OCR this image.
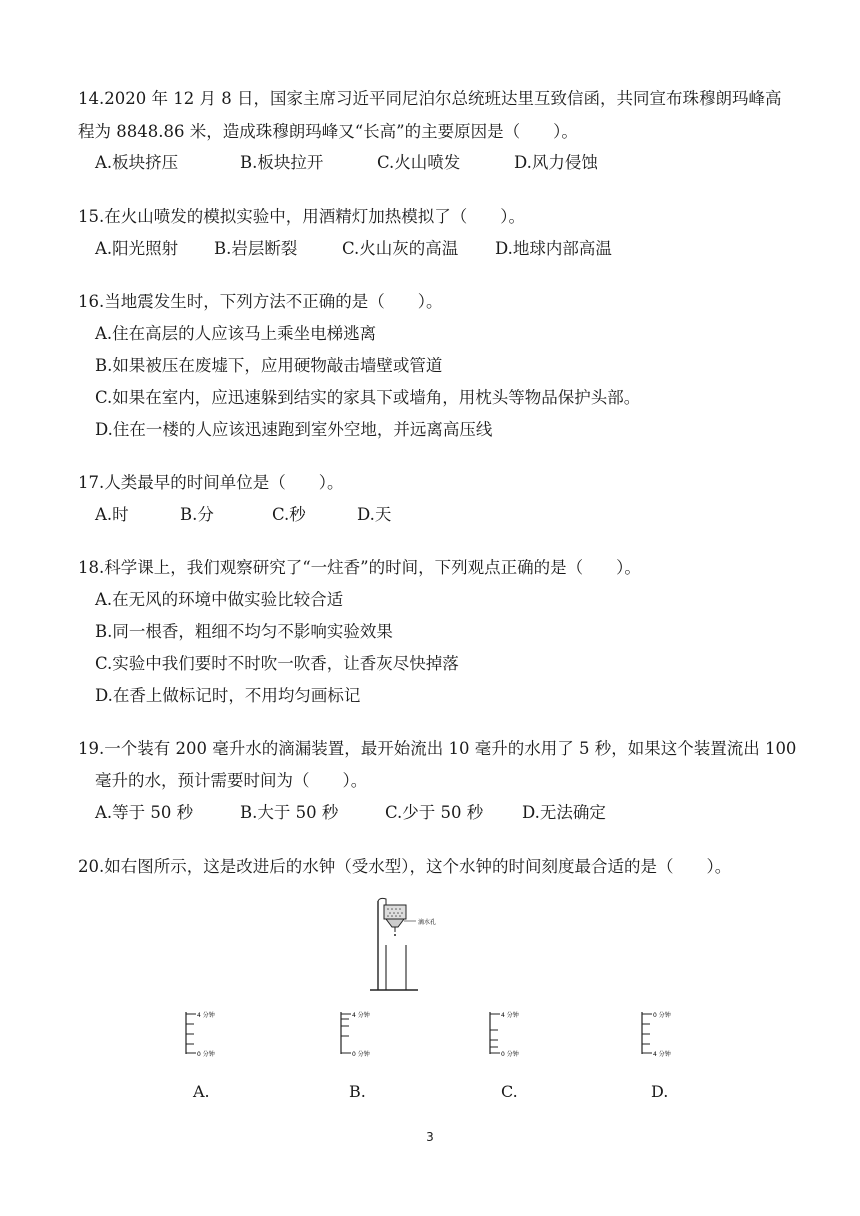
14.2020 年 12 月 8 日，国家主席习近平同尼泊尔总统班达里互致信函，共同宣布珠穆朗玛峰高
程为 8848.86 米，造成珠穆朗玛峰又“长高”的主要原因是（　　）。
A.板块挤压	B.板块拉开	C.火山喷发	D.风力侵蚀
15.在火山喷发的模拟实验中，用酒精灯加热模拟了（　　）。
A.阳光照射 B.岩层断裂	C.火山灰的高温 D.地球内部高温
16.当地震发生时，下列方法不正确的是（　　）。
A.住在高层的人应该马上乘坐电梯逃离
B.如果被压在废墟下，应用硬物敲击墙壁或管道
C.如果在室内，应迅速躲到结实的家具下或墙角，用枕头等物品保护头部。
D.住在一楼的人应该迅速跑到室外空地，并远离高压线
17.人类最早的时间单位是（　　）。
A.时	B.分	C.秒	D.天
18.科学课上，我们观察研究了“一炷香”的时间，下列观点正确的是（　　）。
A.在无风的环境中做实验比较合适
B.同一根香，粗细不均匀不影响实验效果
C.实验中我们要时不时吹一吹香，让香灰尽快掉落
D.在香上做标记时，不用均匀画标记
19.一个装有 200 毫升水的滴漏装置，最开始流出 10 毫升的水用了 5 秒，如果这个装置流出 100
毫升的水，预计需要时间为（　　）。
A.等于 50 秒	B.大于 50 秒	C.少于 50 秒 D.无法确定
20.如右图所示，这是改进后的水钟（受水型），这个水钟的时间刻度最合适的是（　　）。
滴水孔
4 分钟
0 分钟
A.
4 分钟
0 分钟
B.
4 分钟
0 分钟
C.
0 分钟
4 分钟
D.
3
